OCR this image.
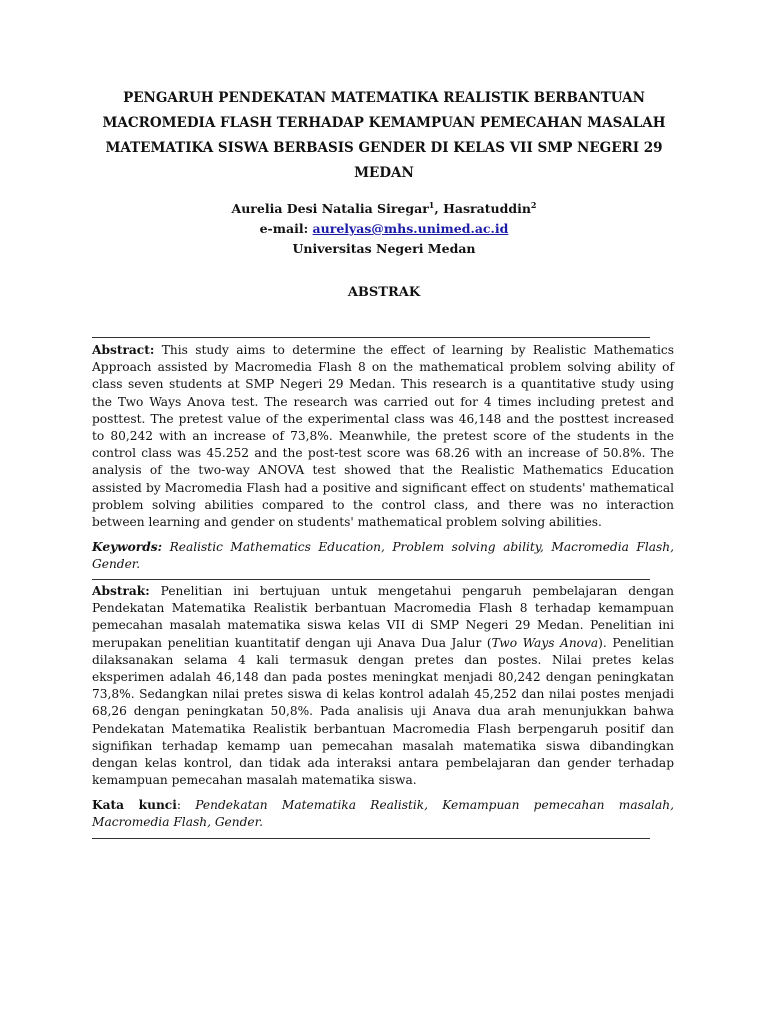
PENGARUH PENDEKATAN MATEMATIKA REALISTIK BERBANTUAN
MACROMEDIA FLASH TERHADAP KEMAMPUAN PEMECAHAN MASALAH
MATEMATIKA SISWA BERBASIS GENDER DI KELAS VII SMP NEGERI 29
MEDAN
Aurelia Desi Natalia Siregar$^1$, Hasratuddin$^2$
e-mail: aurelyas@mhs.unimed.ac.id
Universitas Negeri Medan
ABSTRAK
Abstract: This study aims to determine the effect of learning by Realistic Mathematics Approach assisted by Macromedia Flash 8 on the mathematical problem solving ability of class seven students at SMP Negeri 29 Medan. This research is a quantitative study using the Two Ways Anova test. The research was carried out for 4 times including pretest and posttest. The pretest value of the experimental class was 46,148 and the posttest increased to 80,242 with an increase of 73,8%. Meanwhile, the pretest score of the students in the control class was 45.252 and the post-test score was 68.26 with an increase of 50.8%. The analysis of the two-way ANOVA test showed that the Realistic Mathematics Education assisted by Macromedia Flash had a positive and significant effect on students' mathematical problem solving abilities compared to the control class, and there was no interaction between learning and gender on students' mathematical problem solving abilities.
Keywords: Realistic Mathematics Education, Problem solving ability, Macromedia Flash, Gender.
Abstrak: Penelitian ini bertujuan untuk mengetahui pengaruh pembelajaran dengan Pendekatan Matematika Realistik berbantuan Macromedia Flash 8 terhadap kemampuan pemecahan masalah matematika siswa kelas VII di SMP Negeri 29 Medan. Penelitian ini merupakan penelitian kuantitatif dengan uji Anava Dua Jalur (Two Ways Anova). Penelitian dilaksanakan selama 4 kali termasuk dengan pretes dan postes. Nilai pretes kelas eksperimen adalah 46,148 dan pada postes meningkat menjadi 80,242 dengan peningkatan 73,8%. Sedangkan nilai pretes siswa di kelas kontrol adalah 45,252 dan nilai postes menjadi 68,26 dengan peningkatan 50,8%. Pada analisis uji Anava dua arah menunjukkan bahwa Pendekatan Matematika Realistik berbantuan Macromedia Flash berpengaruh positif dan signifikan terhadap kemamp uan pemecahan masalah matematika siswa dibandingkan dengan kelas kontrol, dan tidak ada interaksi antara pembelajaran dan gender terhadap kemampuan pemecahan masalah matematika siswa.
Kata kunci: Pendekatan Matematika Realistik, Kemampuan pemecahan masalah, Macromedia Flash, Gender.
